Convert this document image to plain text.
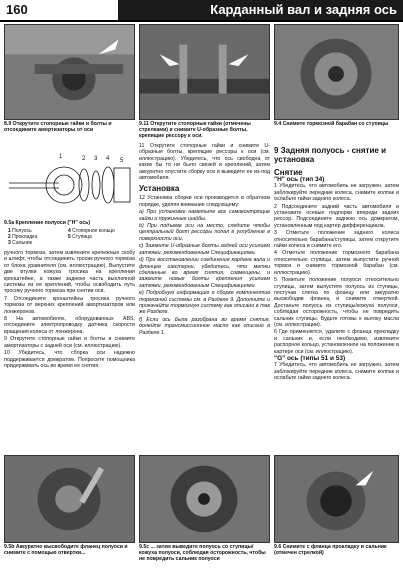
160	Карданный вал и задняя ось
8.9 Открутите стопорные гайки и болты и отсоедините амортизаторы от оси
1	2 3 4 5
9.5а Крепление полуоси ("Н" ось)
1 Полуось	4 Стопорное кольцо
2 Прокладка	5 Ступица
3 Сальник

ручного тормоза, затем извлеките крепежные скобу и штифт, чтобы отсоединить тросик ручного тормоза от блока уравнителя (см. иллюстрацию). Выпустите две втулки кожуха тросика на креплении кронштейне, а также заднюю часть выхлопной системы из ее креплений, чтобы освободить путь тросику ручного тормоза при снятии оси.

7 Отсоедините кронштейны тросика ручного тормоза от верхних креплений амортизаторов или лонжеронов.

8 На автомобилях, оборудованных ABS, отсоедините электропроводку датчика скорости вращения колеса от лонжерона.

9 Открутите стопорные гайки и болты и снимите амортизаторы с задней оси (см. иллюстрацию).

10 Убедитесь, что сборка оси надежно поддерживается домкратом. Попросите помощника придерживать ось во время ее снятия.

9.11 Открутите стопорные гайки (отмечены стрелками) и снимите U-образные болты, крепящие рессору к оси.

11 Открутите стопорные гайки и снимите U-образные болты, крепящие рессоры к оси (см. иллюстрацию). Убедитесь, что ось свободна от каких бы то ни было связей и креплений, затем аккуратно опустите сборку оси и выведите ее из-под автомобиля.

Установка

12 Установка сборки оси производится в обратном порядке, уделяя внимание следующему:

a) При установке наметьте все самоконтрящие гайки и пружинные шайбы.

b) При подъеме оси на место, следите чтобы центральный болт рессоры попал в углубление в поверхности оси.

c) Зажмите U-образные болты задней оси усилием затяжки, рекомендованным Спецификациями.

d) При восстановлении соединения кардана вала и фланцев шестерни, убедитесь, что метки сделанные во время снятия, совмещены, и зажмите новые болты крепления усилием затяжки, рекомендованным Спецификациями.

e) Подробную информацию о сборке компонентов тормозной системы см. в Разделе 9. Дополните и прокачайте тормозную систему как описано в так же Разделе.

f) Если ось была разобрана во время снятия, долейте трансмиссионное масло как описано в Разделе 1.

9.4 Снимите тормозной барабан со ступицы
9 Задняя полуось - снятие и установка
Снятие
"Н" ось (тип 34)

1 Убедитесь, что автомобиль не загружен, затем заблокируйте передние колеса, снимите колпак и ослабьте гайки заднего колеса.

2 Подсоедините задний часть автомобиля и установите осевые подпорки впереди задних рессор. Подсоедините заднюю ось домкратом, установленным под картер дифференциала.

3 Отметьте положение заднего колеса относительно барабана/ступицы, затем открутите гайки колеса и снимите его.

4 Отметьте положение тормозного барабана относительно ступицы, затем выпустите ручной тормоз и снимите тормозной барабан (см. иллюстрацию).

5 Пометьте положение полуоси относительно ступицы, затем выпустите полуось из ступицы, постучав слегка по фланцу или аккуратно высвободив фланец и снимите отверткой. Достаньте полуось из ступицы/кожуха полуоси, соблюдая осторожность, чтобы не повредить сальник ступицы. Будьте готовы к вытоку масла (см. иллюстрации).

6 Где применяется, удалите с фланца прокладку и сальник и, если необходимо, извлеките распорное кольцо, установленное на положение в картере оси (см. иллюстрацию).

"G" ось (типы 51 и 53)

7 Убедитесь, что автомобиль не загружен, затем заблокируйте передние колеса, снимите колпак и ослабьте гайки заднего колеса.

9.5b Аккуратно высвободите фланец полуоси и снимите с помощью отвертки...
9.5с ... затем выведите полуось со ступицы/кожуха полуоси, соблюдая осторожность, чтобы не повредить сальник полуоси
9.6 Снимите с фланца прокладку и сальник (отмечен стрелкой)
